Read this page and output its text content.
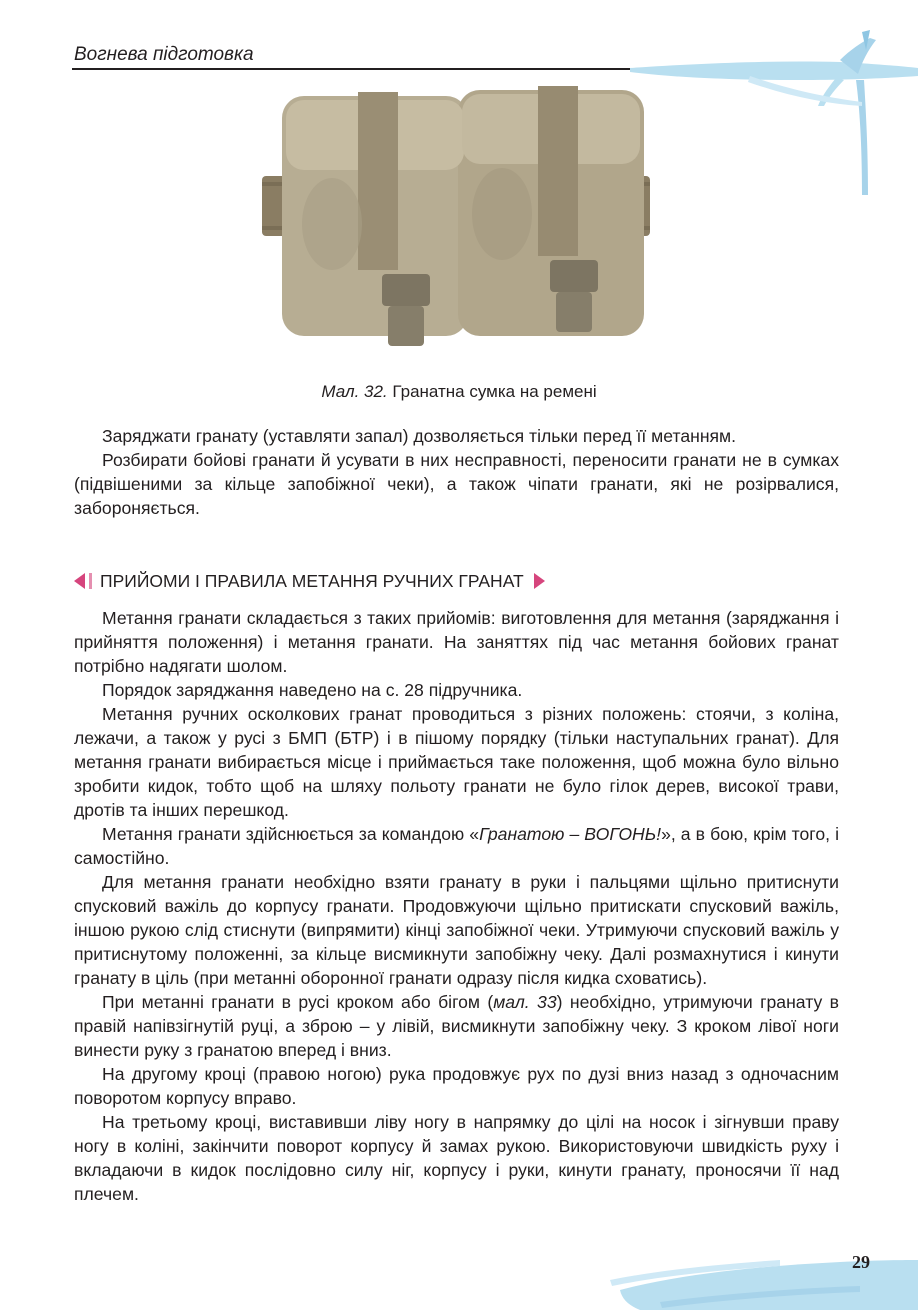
Вогнева підготовка
Мал. 32. Гранатна сумка на ремені

Заряджати гранату (уставляти запал) дозволяється тільки перед її метанням.

Розбирати бойові гранати й усувати в них несправності, переносити гранати не в сумках (підвішеними за кільце запобіжної чеки), а також чіпати гранати, які не розірвалися, забороняється.

ПРИЙОМИ І ПРАВИЛА МЕТАННЯ РУЧНИХ ГРАНАТ

Метання гранати складається з таких прийомів: виготовлення для метання (заряджання і прийняття положення) і метання гранати. На заняттях під час метання бойових гранат потрібно надягати шолом.

Порядок заряджання наведено на с. 28 підручника.

Метання ручних осколкових гранат проводиться з різних положень: стоячи, з коліна, лежачи, а також у русі з БМП (БТР) і в пішому порядку (тільки наступальних гранат). Для метання гранати вибирається місце і приймається таке положення, щоб можна було вільно зробити кидок, тобто щоб на шляху польоту гранати не було гілок дерев, високої трави, дротів та інших перешкод.

Метання гранати здійснюється за командою «Гранатою – ВОГОНЬ!», а в бою, крім того, і самостійно.

Для метання гранати необхідно взяти гранату в руки і пальцями щільно притиснути спусковий важіль до корпусу гранати. Продовжуючи щільно притискати спусковий важіль, іншою рукою слід стиснути (випрямити) кінці запобіжної чеки. Утримуючи спусковий важіль у притиснутому положенні, за кільце висмикнути запобіжну чеку. Далі розмахнутися і кинути гранату в ціль (при метанні оборонної гранати одразу після кидка сховатись).

При метанні гранати в русі кроком або бігом (мал. 33) необхідно, утримуючи гранату в правій напівзігнутій руці, а зброю – у лівій, висмикнути запобіжну чеку. З кроком лівої ноги винести руку з гранатою вперед і вниз.

На другому кроці (правою ногою) рука продовжує рух по дузі вниз назад з одночасним поворотом корпусу вправо.

На третьому кроці, виставивши ліву ногу в напрямку до цілі на носок і зігнувши праву ногу в коліні, закінчити поворот корпусу й замах рукою. Використовуючи швидкість руху і вкладаючи в кидок послідовно силу ніг, корпусу і руки, кинути гранату, проносячи її над плечем.

29
